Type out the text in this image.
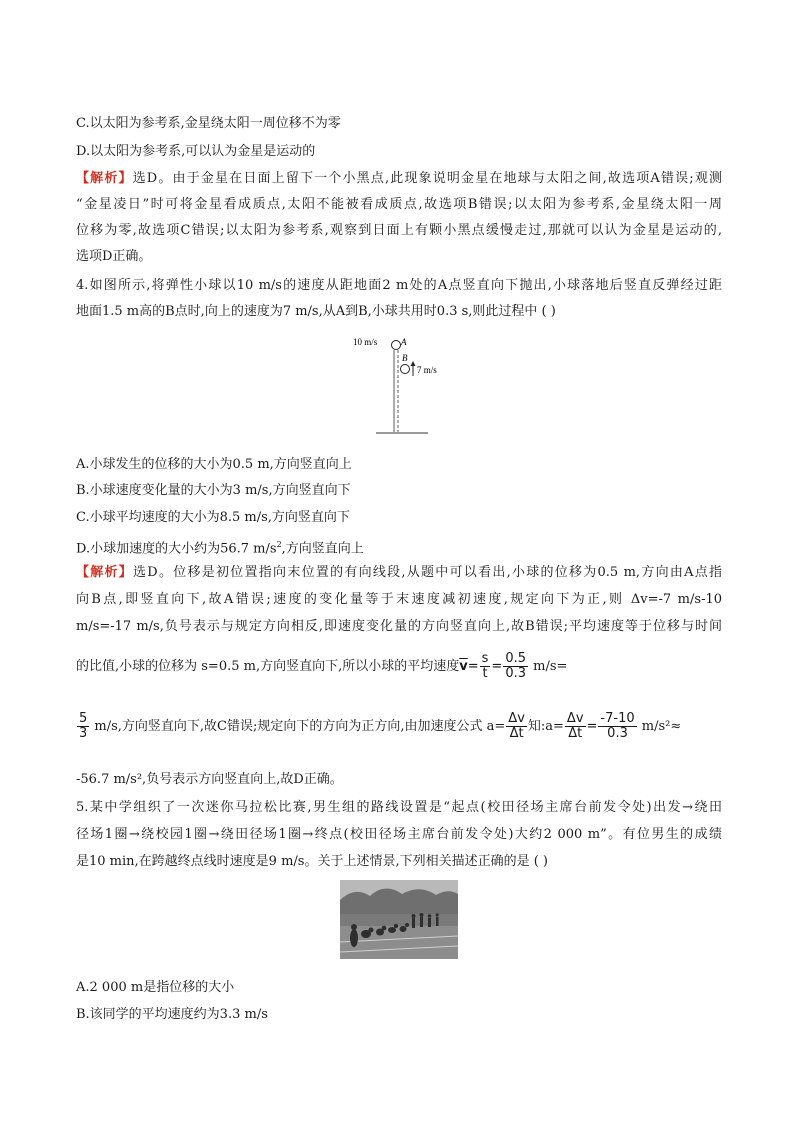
C.以太阳为参考系,金星绕太阳一周位移不为零
D.以太阳为参考系,可以认为金星是运动的
【解析】选D。由于金星在日面上留下一个小黑点,此现象说明金星在地球与太阳之间,故选项A错误;观测
“金星凌日”时可将金星看成质点,太阳不能被看成质点,故选项B错误;以太阳为参考系,金星绕太阳一周
位移为零,故选项C错误;以太阳为参考系,观察到日面上有颗小黑点缓慢走过,那就可以认为金星是运动的,
选项D正确。
4.如图所示,将弹性小球以10 m/s的速度从距地面2 m处的A点竖直向下抛出,小球落地后竖直反弹经过距
地面1.5 m高的B点时,向上的速度为7 m/s,从A到B,小球共用时0.3 s,则此过程中 ( )
10 m/s	A
B
7 m/s
A.小球发生的位移的大小为0.5 m,方向竖直向上
B.小球速度变化量的大小为3 m/s,方向竖直向下
C.小球平均速度的大小为8.5 m/s,方向竖直向下
D.小球加速度的大小约为56.7 $m/s^2$,方向竖直向上
【解析】选D。位移是初位置指向末位置的有向线段,从题中可以看出,小球的位移为0.5 m,方向由A点指
向B点,即竖直向下,故A错误;速度的变化量等于末速度减初速度,规定向下为正,则 Δv=-7 m/s-10
m/s=-17 m/s,负号表示与规定方向相反,即速度变化量的方向竖直向上,故B错误;平均速度等于位移与时间
的比值,小球的位移为 s=0.5 m,方向竖直向下,所以小球的平均速度$\overline{v}= \frac{s}{t} = \frac{0.5}{0.3} m/s=$
$\frac{5}{3} m/s$,方向竖直向下,故C错误;规定向下的方向为正方向,由加速度公式 $a= \frac{\Delta v}{\Delta t}$ 知:a= $\frac{\Delta v}{\Delta t} = \frac{-7-10}{0.3} m/s^2\approx$
-56.7 m/s²,负号表示方向竖直向上,故D正确。
5.某中学组织了一次迷你马拉松比赛,男生组的路线设置是“起点(校田径场主席台前发令处)出发→绕田
径场1圈→绕校园1圈→绕田径场1圈→终点(校田径场主席台前发令处)大约2 000 m”。有位男生的成绩
是10 min,在跨越终点线时速度是9 m/s。关于上述情景,下列相关描述正确的是 ( )
A.2 000 m是指位移的大小
B.该同学的平均速度约为3.3 m/s
